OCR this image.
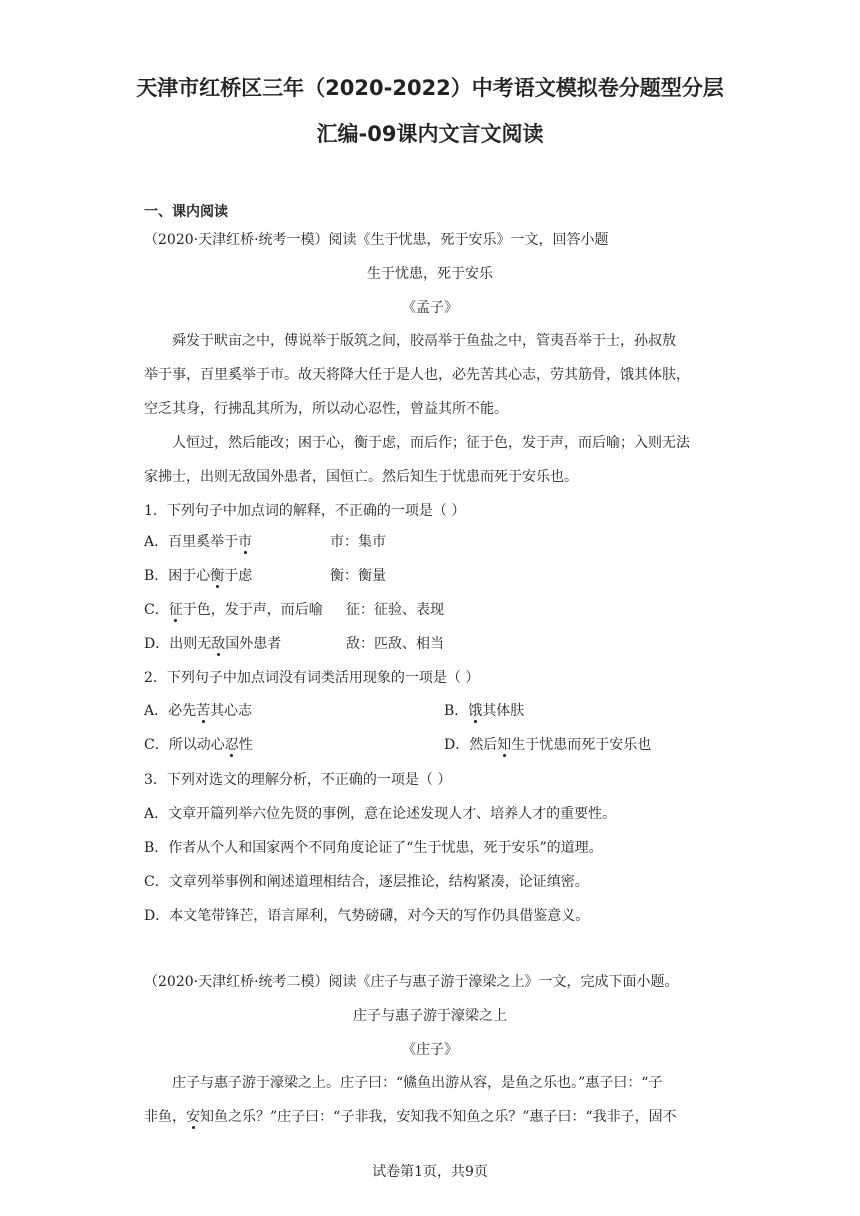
天津市红桥区三年（2020-2022）中考语文模拟卷分题型分层
汇编-09课内文言文阅读
一、课内阅读
（2020·天津红桥·统考一模）阅读《生于忧患，死于安乐》一文，回答小题
生于忧患，死于安乐
《孟子》
舜发于畎亩之中，傅说举于版筑之间，胶鬲举于鱼盐之中，管夷吾举于士，孙叔敖
举于事，百里奚举于市。故天将降大任于是人也，必先苦其心志，劳其筋骨，饿其体肤，
空乏其身，行拂乱其所为，所以动心忍性，曾益其所不能。
人恒过，然后能改；困于心，衡于虑，而后作；征于色，发于声，而后喻；入则无法
家拂士，出则无敌国外患者，国恒亡。然后知生于忧患而死于安乐也。
1．下列句子中加点词的解释，不正确的一项是（ ）
A．百里奚举于市	市：集市
B．困于心衡于虑	衡：衡量
C．征于色，发于声，而后喻 征：征验、表现
D．出则无敌国外患者	敌：匹敌、相当
2．下列句子中加点词没有词类活用现象的一项是（ ）
A．必先苦其心志	B．饿其体肤
C．所以动心忍性	D．然后知生于忧患而死于安乐也
3．下列对选文的理解分析，不正确的一项是（ ）
A．文章开篇列举六位先贤的事例，意在论述发现人才、培养人才的重要性。
B．作者从个人和国家两个不同角度论证了“生于忧患，死于安乐”的道理。
C．文章列举事例和阐述道理相结合，逐层推论，结构紧凑，论证缜密。
D．本文笔带锋芒，语言犀利，气势磅礴，对今天的写作仍具借鉴意义。
（2020·天津红桥·统考二模）阅读《庄子与惠子游于濠梁之上》一文，完成下面小题。
庄子与惠子游于濠梁之上
《庄子》
庄子与惠子游于濠梁之上。庄子曰：“鯈鱼出游从容，是鱼之乐也。”惠子曰：“子
非鱼，安知鱼之乐？”庄子曰：“子非我，安知我不知鱼之乐？”惠子曰：“我非子，固不
试卷第1页，共9页
